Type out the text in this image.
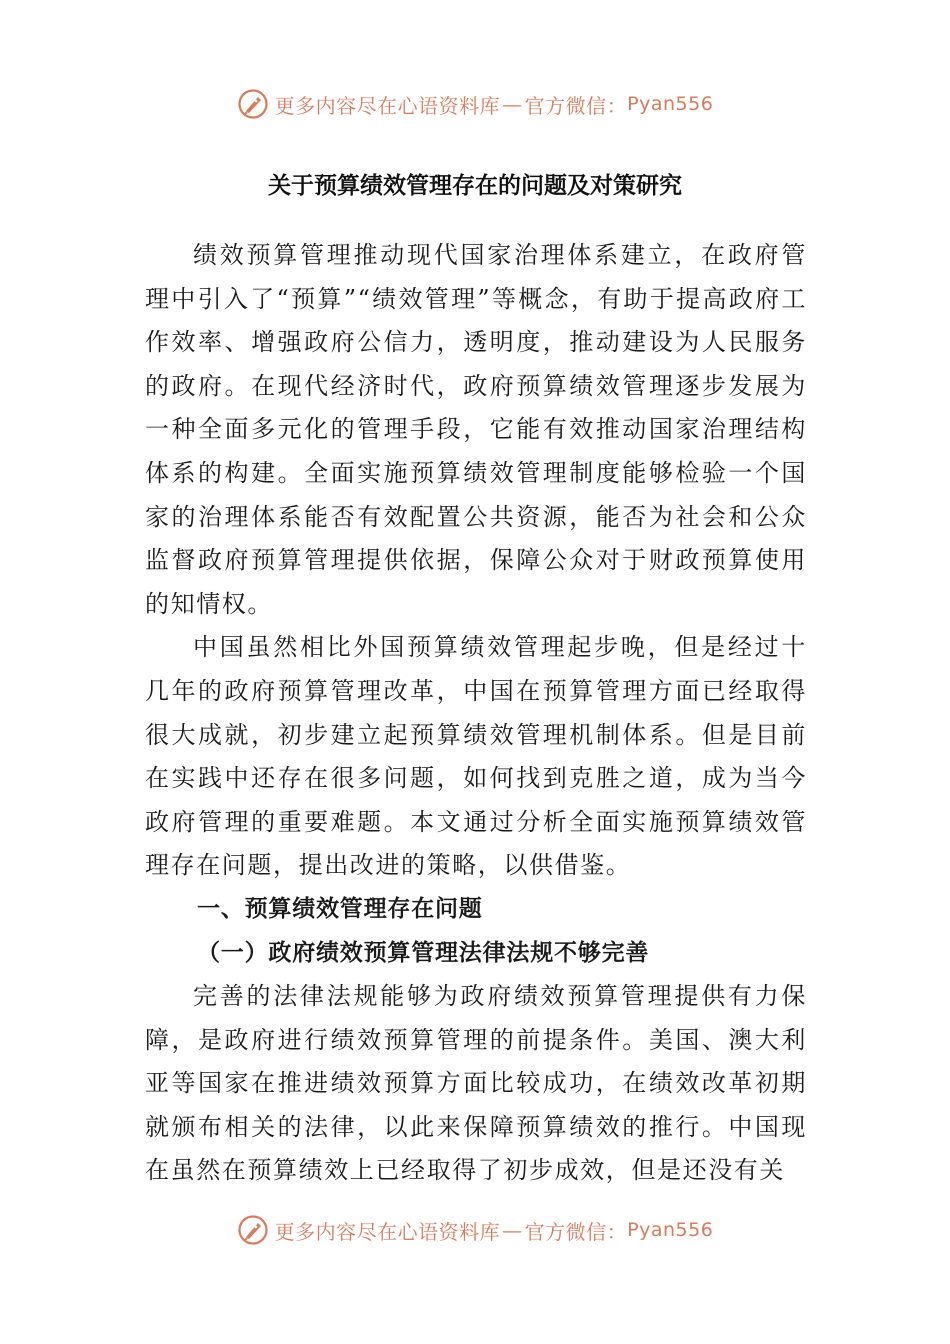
更多内容尽在心语资料库 — 官方微信： Pyan556
关于预算绩效管理存在的问题及对策研究

绩效预算管理推动现代国家治理体系建立，在政府管理中引入了“预算”“绩效管理”等概念，有助于提高政府工作效率、增强政府公信力，透明度，推动建设为人民服务的政府。在现代经济时代，政府预算绩效管理逐步发展为一种全面多元化的管理手段，它能有效推动国家治理结构体系的构建。全面实施预算绩效管理制度能够检验一个国家的治理体系能否有效配置公共资源，能否为社会和公众监督政府预算管理提供依据，保障公众对于财政预算使用的知情权。

中国虽然相比外国预算绩效管理起步晚，但是经过十几年的政府预算管理改革，中国在预算管理方面已经取得很大成就，初步建立起预算绩效管理机制体系。但是目前在实践中还存在很多问题，如何找到克胜之道，成为当今政府管理的重要难题。本文通过分析全面实施预算绩效管理存在问题，提出改进的策略，以供借鉴。

一、预算绩效管理存在问题
（一）政府绩效预算管理法律法规不够完善

完善的法律法规能够为政府绩效预算管理提供有力保障，是政府进行绩效预算管理的前提条件。美国、澳大利亚等国家在推进绩效预算方面比较成功，在绩效改革初期就颁布相关的法律，以此来保障预算绩效的推行。中国现在虽然在预算绩效上已经取得了初步成效，但是还没有关

更多内容尽在心语资料库 — 官方微信： Pyan556
